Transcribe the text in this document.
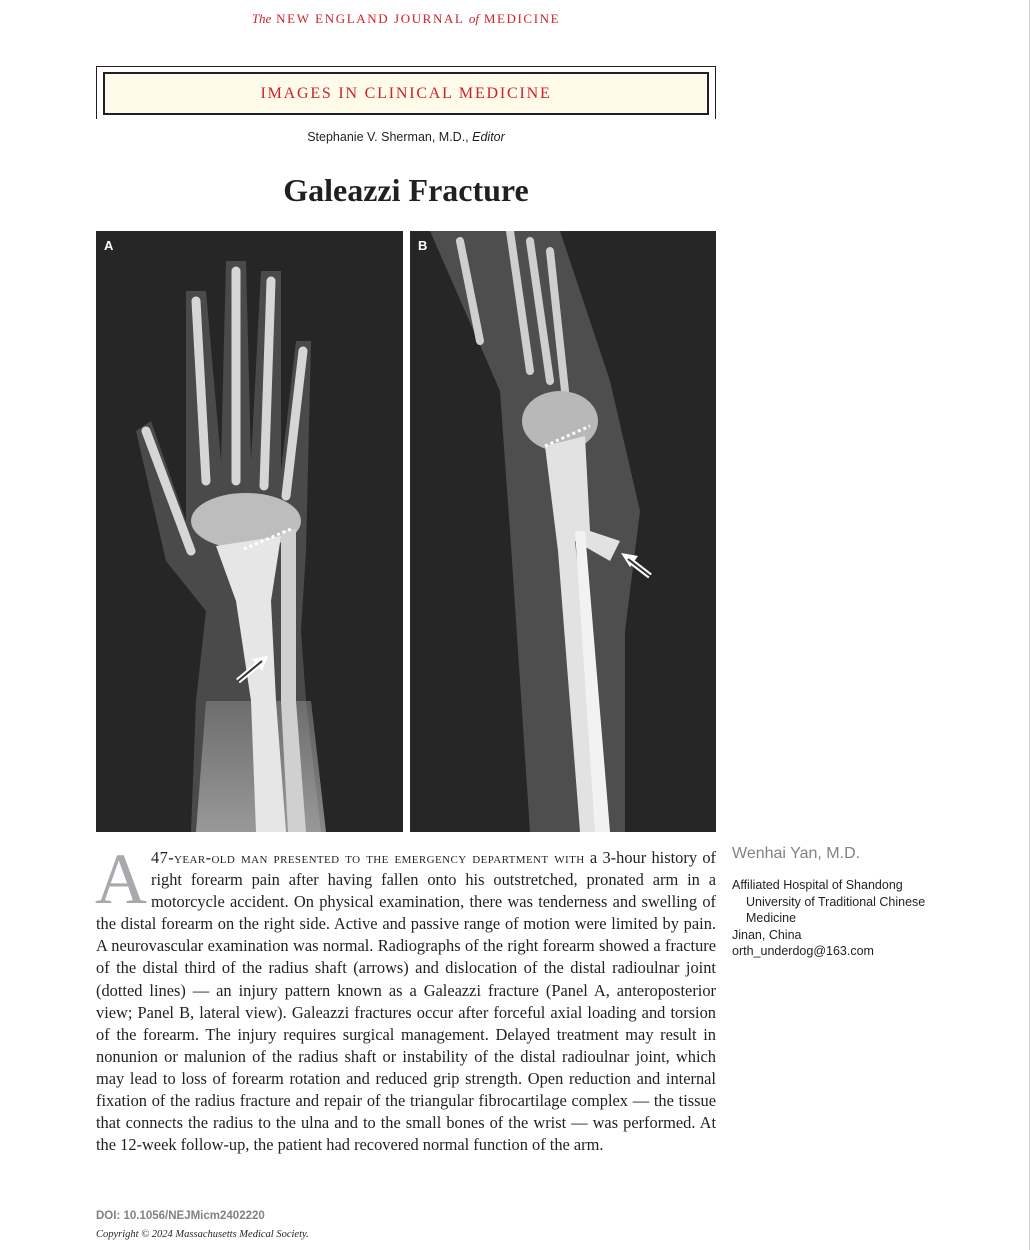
The NEW ENGLAND JOURNAL of MEDICINE
IMAGES IN CLINICAL MEDICINE
Stephanie V. Sherman, M.D., Editor
Galeazzi Fracture
A	B
A 47-year-old man presented to the emergency department with a 3-hour history of right forearm pain after having fallen onto his outstretched, pronated arm in a motorcycle accident. On physical examination, there was tenderness and swelling of the distal forearm on the right side. Active and passive range of motion were limited by pain. A neurovascular examination was normal. Radiographs of the right forearm showed a fracture of the distal third of the radius shaft (arrows) and dislocation of the distal radioulnar joint (dotted lines) — an injury pattern known as a Galeazzi fracture (Panel A, anteroposterior view; Panel B, lateral view). Galeazzi fractures occur after forceful axial loading and torsion of the forearm. The injury requires surgical management. Delayed treatment may result in nonunion or malunion of the radius shaft or instability of the distal radioulnar joint, which may lead to loss of forearm rotation and reduced grip strength. Open reduction and internal fixation of the radius fracture and repair of the triangular fibrocartilage complex — the tissue that connects the radius to the ulna and to the small bones of the wrist — was performed. At the 12-week follow-up, the patient had recovered normal function of the arm.
Wenhai Yan, M.D.
Affiliated Hospital of Shandong
University of Traditional Chinese
Medicine
Jinan, China
orth_underdog@163.com
DOI: 10.1056/NEJMicm2402220
Copyright © 2024 Massachusetts Medical Society.
